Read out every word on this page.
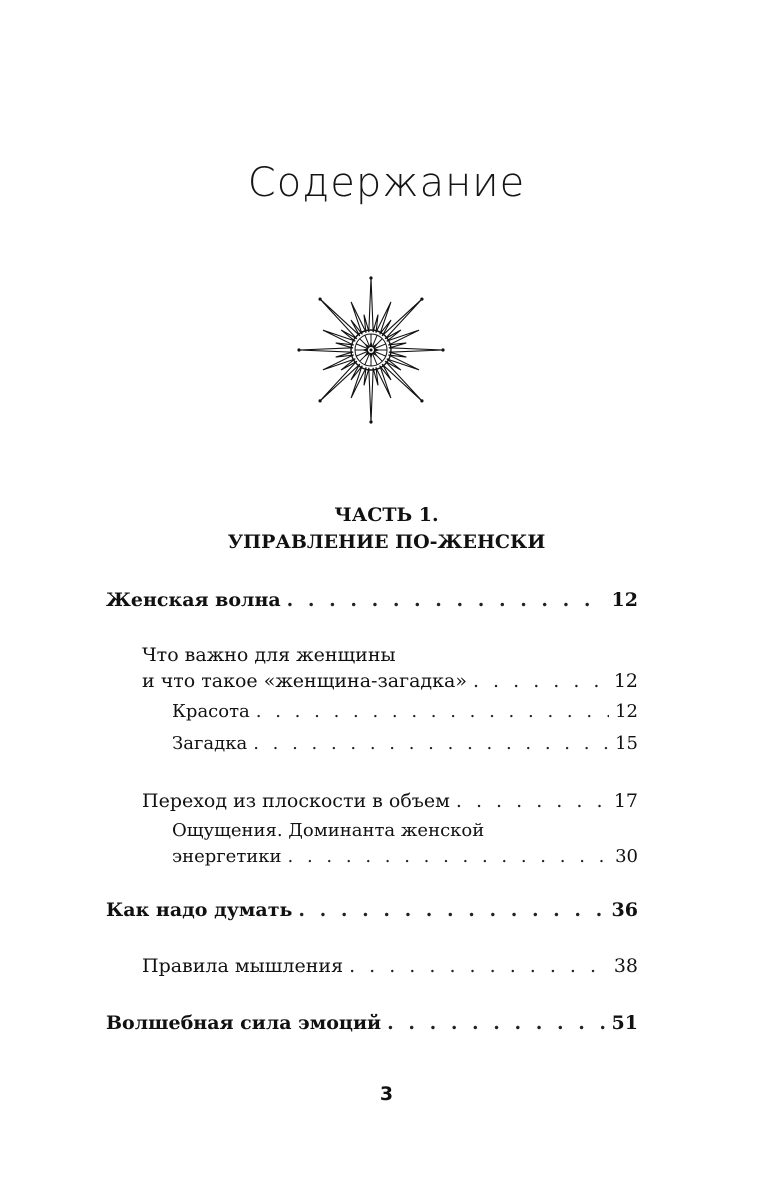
Содержание
ЧАСТЬ 1.
УПРАВЛЕНИЕ ПО-ЖЕНСКИ
Женская волна . . .	12
Что важно для женщины
и что такое «женщина-загадка» . . .	12
Красота . . .	12
Загадка . . .	15
Переход из плоскости в объем . . .	17
Ощущения. Доминанта женской
энергетики . . .	30
Как надо думать . . .	36
Правила мышления . . .	38
Волшебная сила эмоций . . .	51
3
